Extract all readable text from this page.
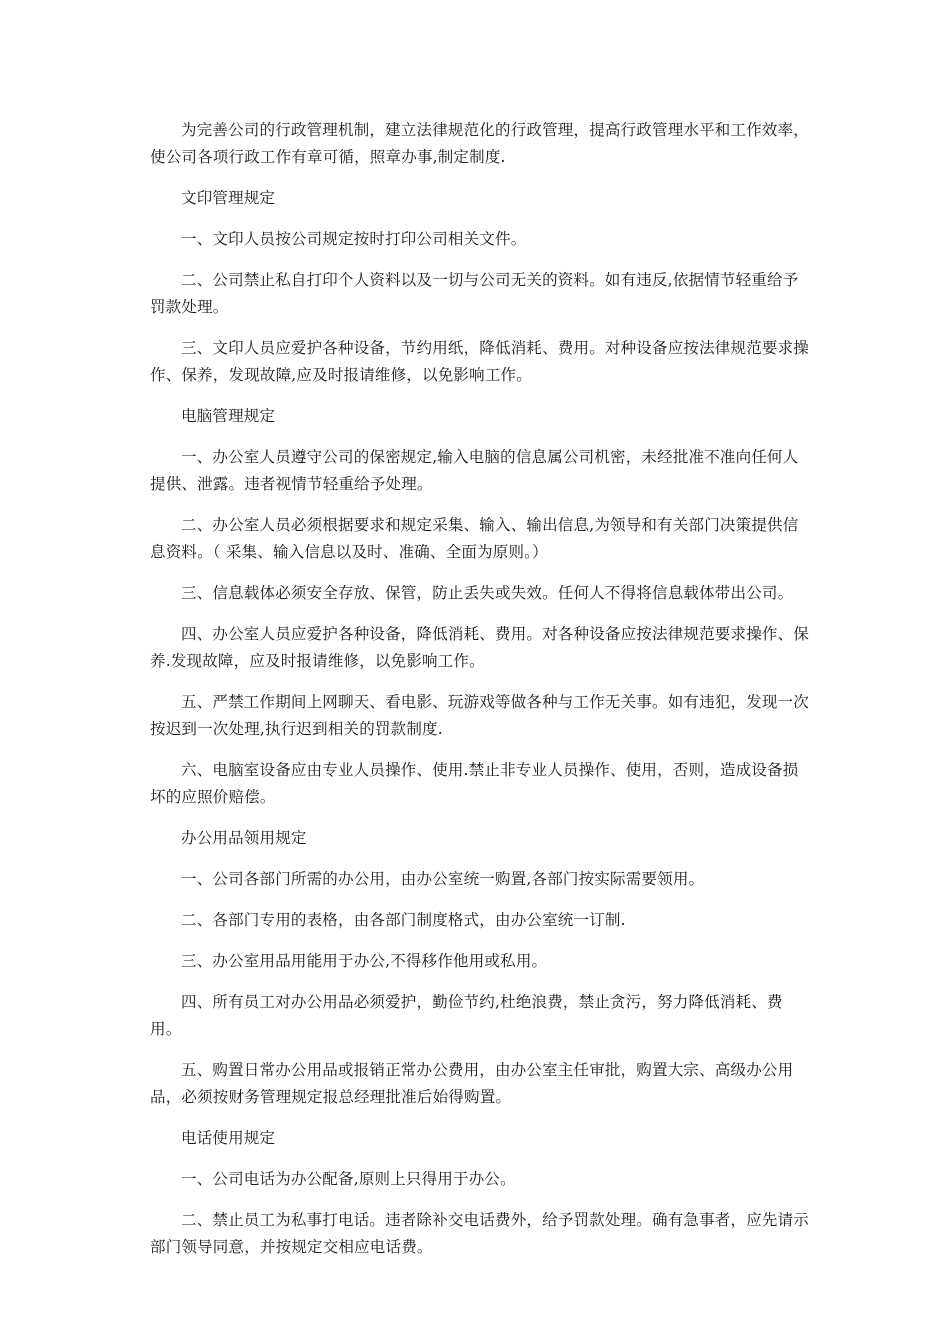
为完善公司的行政管理机制，建立法律规范化的行政管理，提高行政管理水平和工作效率，使公司各项行政工作有章可循，照章办事,制定制度.

文印管理规定

一、文印人员按公司规定按时打印公司相关文件。

二、公司禁止私自打印个人资料以及一切与公司无关的资料。如有违反,依据情节轻重给予罚款处理。

三、文印人员应爱护各种设备，节约用纸，降低消耗、费用。对种设备应按法律规范要求操作、保养，发现故障,应及时报请维修，以免影响工作。

电脑管理规定

一、办公室人员遵守公司的保密规定,输入电脑的信息属公司机密，未经批准不准向任何人提供、泄露。违者视情节轻重给予处理。

二、办公室人员必须根据要求和规定采集、输入、输出信息,为领导和有关部门决策提供信息资料。（ 采集、输入信息以及时、准确、全面为原则。）

三、信息载体必须安全存放、保管，防止丢失或失效。任何人不得将信息载体带出公司。

四、办公室人员应爱护各种设备，降低消耗、费用。对各种设备应按法律规范要求操作、保养.发现故障，应及时报请维修，以免影响工作。

五、严禁工作期间上网聊天、看电影、玩游戏等做各种与工作无关事。如有违犯，发现一次按迟到一次处理,执行迟到相关的罚款制度.

六、电脑室设备应由专业人员操作、使用.禁止非专业人员操作、使用，否则，造成设备损坏的应照价赔偿。

办公用品领用规定

一、公司各部门所需的办公用，由办公室统一购置,各部门按实际需要领用。

二、各部门专用的表格，由各部门制度格式，由办公室统一订制.

三、办公室用品用能用于办公,不得移作他用或私用。

四、所有员工对办公用品必须爱护，勤俭节约,杜绝浪费，禁止贪污，努力降低消耗、费用。

五、购置日常办公用品或报销正常办公费用，由办公室主任审批，购置大宗、高级办公用品，必须按财务管理规定报总经理批准后始得购置。

电话使用规定

一、公司电话为办公配备,原则上只得用于办公。

二、禁止员工为私事打电话。违者除补交电话费外，给予罚款处理。确有急事者，应先请示部门领导同意，并按规定交相应电话费。
